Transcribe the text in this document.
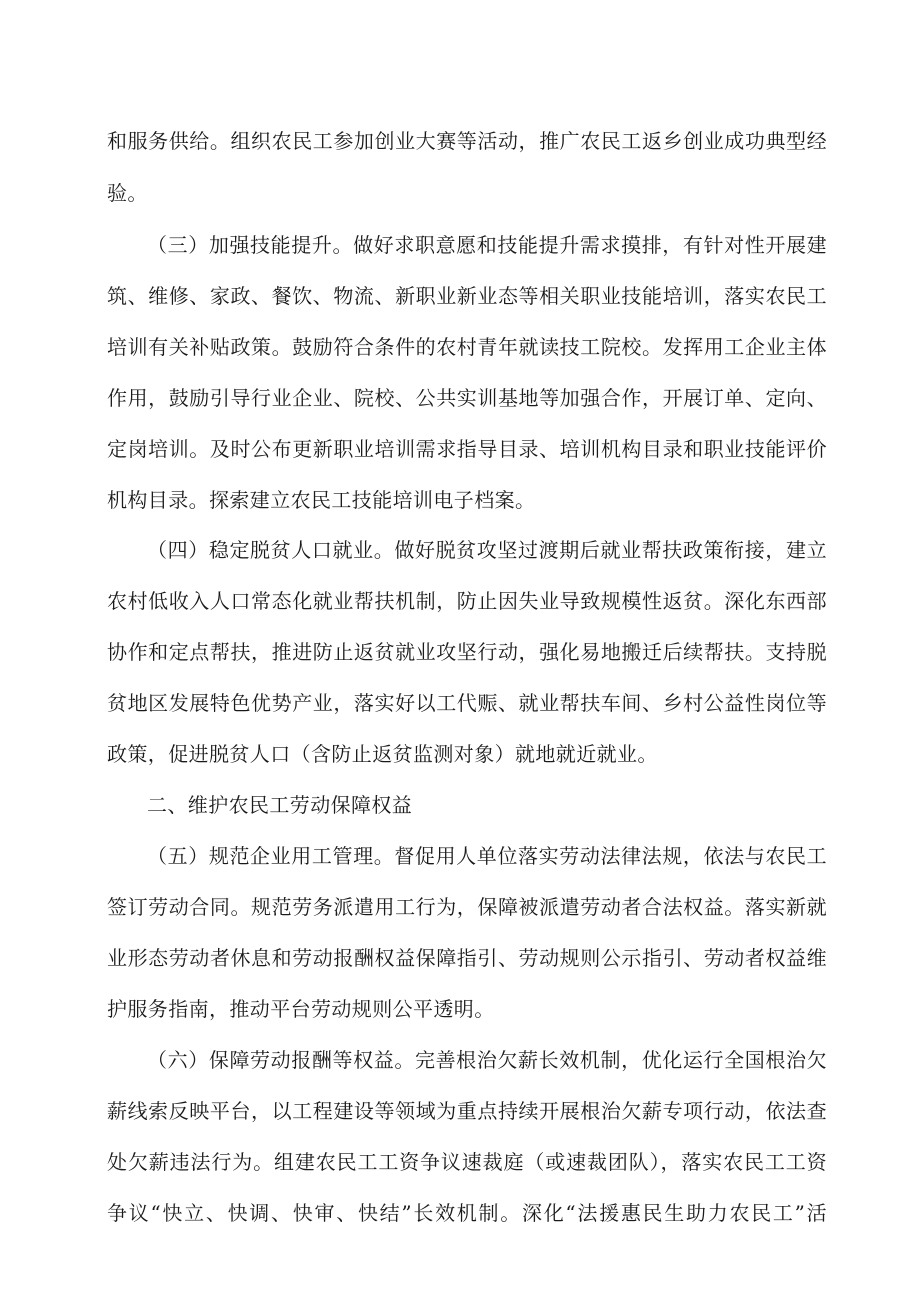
和服务供给。组织农民工参加创业大赛等活动，推广农民工返乡创业成功典型经
验。
（三）加强技能提升。做好求职意愿和技能提升需求摸排，有针对性开展建
筑、维修、家政、餐饮、物流、新职业新业态等相关职业技能培训，落实农民工
培训有关补贴政策。鼓励符合条件的农村青年就读技工院校。发挥用工企业主体
作用，鼓励引导行业企业、院校、公共实训基地等加强合作，开展订单、定向、
定岗培训。及时公布更新职业培训需求指导目录、培训机构目录和职业技能评价
机构目录。探索建立农民工技能培训电子档案。
（四）稳定脱贫人口就业。做好脱贫攻坚过渡期后就业帮扶政策衔接，建立
农村低收入人口常态化就业帮扶机制，防止因失业导致规模性返贫。深化东西部
协作和定点帮扶，推进防止返贫就业攻坚行动，强化易地搬迁后续帮扶。支持脱
贫地区发展特色优势产业，落实好以工代赈、就业帮扶车间、乡村公益性岗位等
政策，促进脱贫人口（含防止返贫监测对象）就地就近就业。
二、维护农民工劳动保障权益
（五）规范企业用工管理。督促用人单位落实劳动法律法规，依法与农民工
签订劳动合同。规范劳务派遣用工行为，保障被派遣劳动者合法权益。落实新就
业形态劳动者休息和劳动报酬权益保障指引、劳动规则公示指引、劳动者权益维
护服务指南，推动平台劳动规则公平透明。
（六）保障劳动报酬等权益。完善根治欠薪长效机制，优化运行全国根治欠
薪线索反映平台，以工程建设等领域为重点持续开展根治欠薪专项行动，依法查
处欠薪违法行为。组建农民工工资争议速裁庭（或速裁团队），落实农民工工资
争议“快立、快调、快审、快结”长效机制。深化“法援惠民生助力农民工”活
